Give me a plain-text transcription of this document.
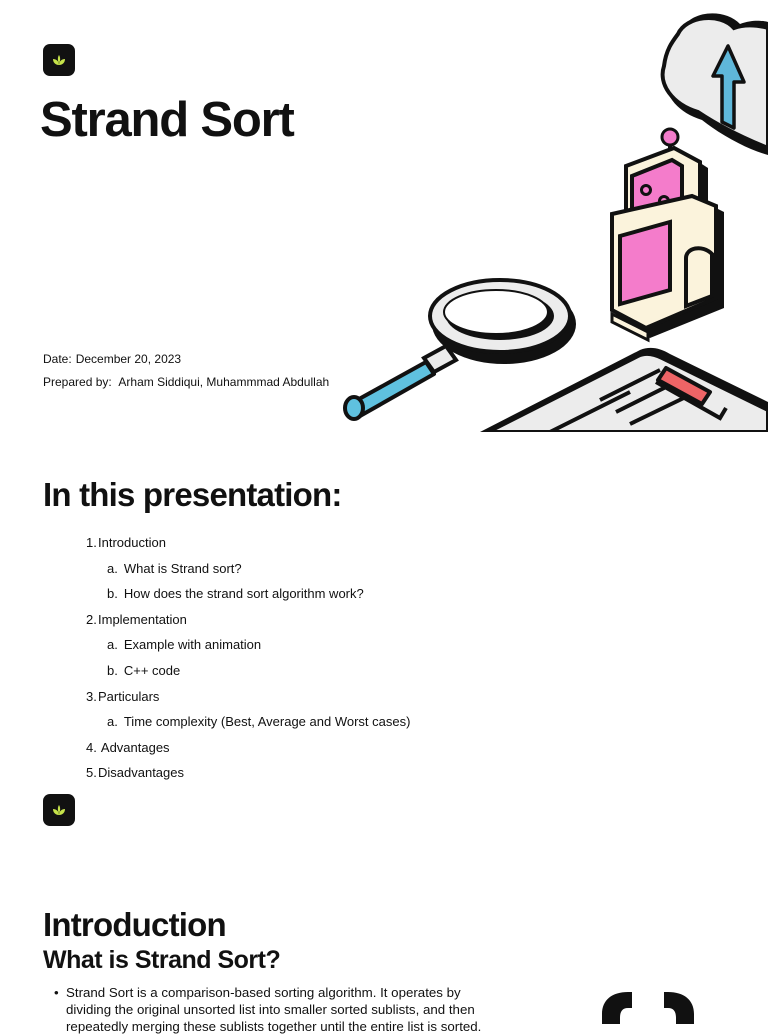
Strand Sort
Date: December 20, 2023
Prepared by: Arham Siddiqui, Muhammmad Abdullah
In this presentation:
1. Introduction
a. What is Strand sort?
b. How does the strand sort algorithm work?
2. Implementation
a. Example with animation
b. C++ code
3. Particulars
a. Time complexity (Best, Average and Worst cases)
4. Advantages
5. Disadvantages
Introduction
What is Strand Sort?
• Strand Sort is a comparison-based sorting algorithm. It operates by dividing the original unsorted list into smaller sorted sublists, and then repeatedly merging these sublists together until the entire list is sorted.
